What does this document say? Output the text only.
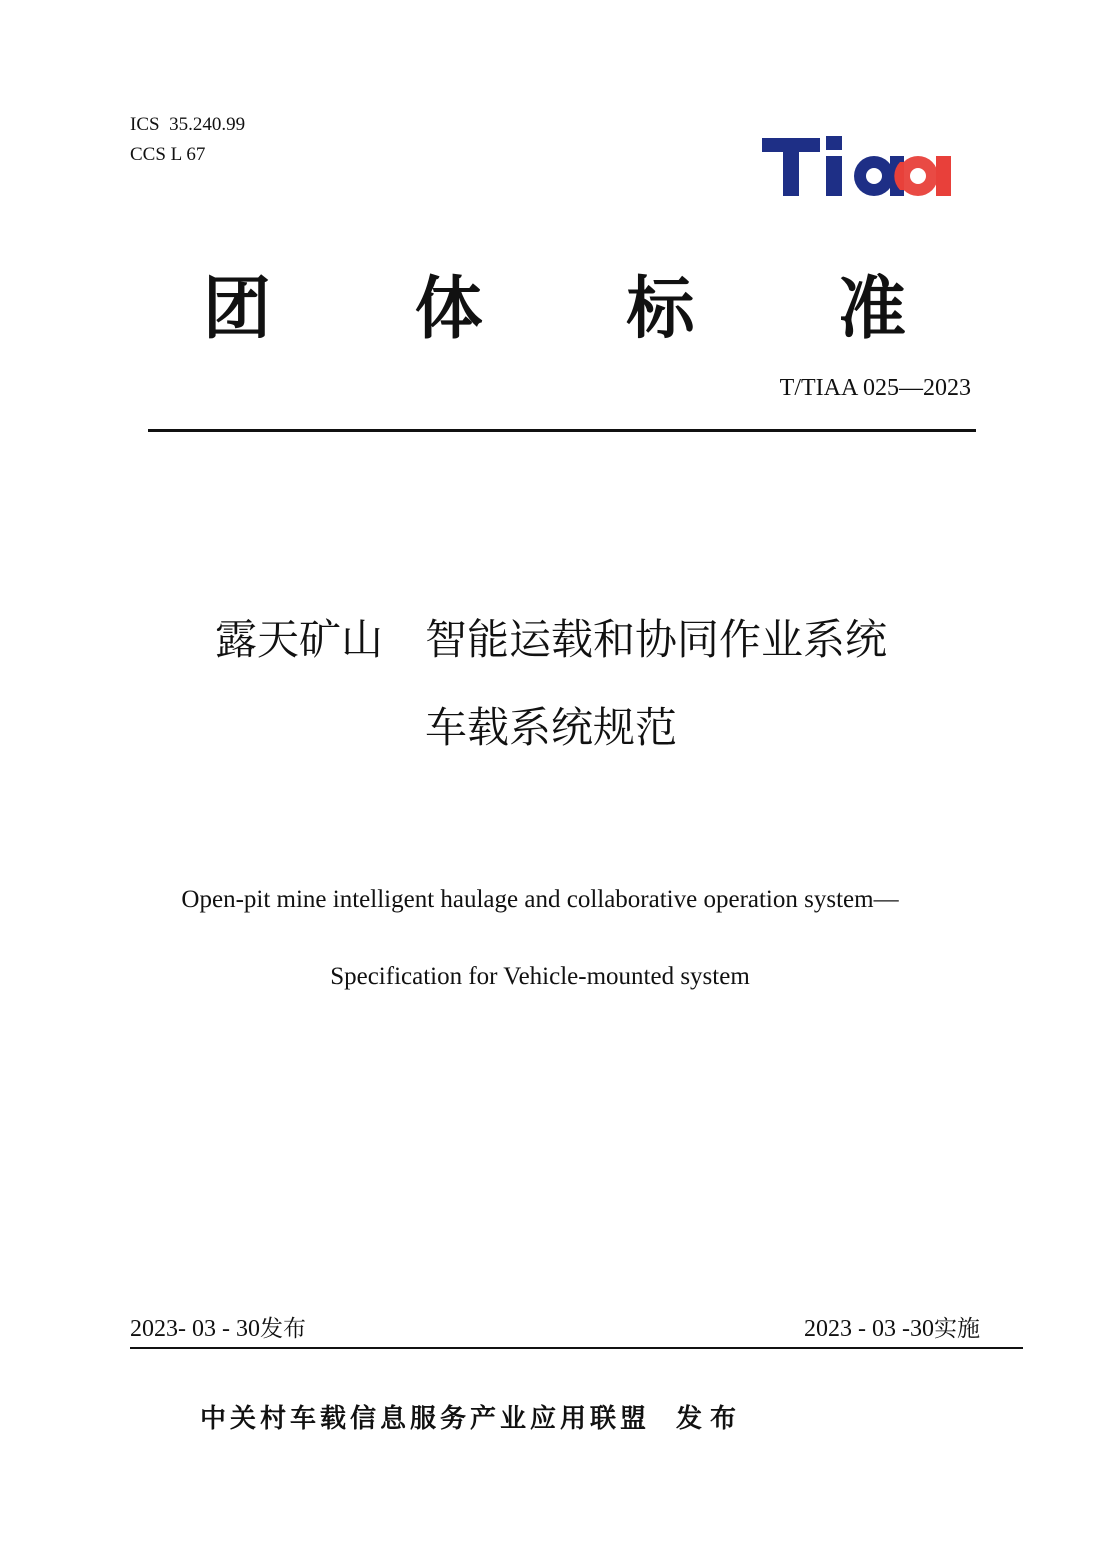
ICS  35.240.99
CCS L 67
团 体 标 准
T/TIAA 025—2023
露天矿山　智能运载和协同作业系统
车载系统规范
Open-pit mine intelligent haulage and collaborative operation system—
Specification for Vehicle-mounted system
2023- 03 - 30发布	2023 - 03 -30实施
中关村车载信息服务产业应用联盟 发布
